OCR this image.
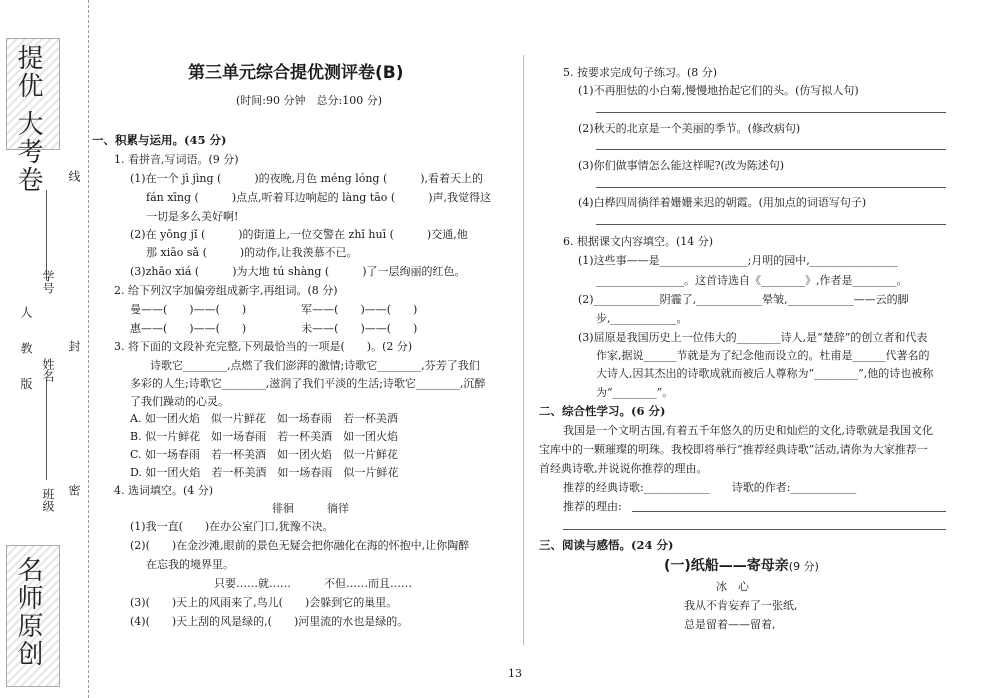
提优 大考卷
人 教 版
班级
姓名
学号
线
封
密
名师原创
第三单元综合提优测评卷(B)
(时间:90 分钟　总分:100 分)
一、积累与运用。(45 分)
1. 看拼音,写词语。(9 分)
(1)在一个 jì jìng (　　　)的夜晚,月色 méng lóng (　　　),看着天上的
fán xīng (　　　)点点,听着耳边响起的 làng tāo (　　　)声,我觉得这
一切是多么美好啊!
(2)在 yōng jǐ (　　　)的街道上,一位交警在 zhǐ huī (　　　)交通,他
那 xiāo sǎ (　　　)的动作,让我羡慕不已。
(3)zhāo xiá (　　　)为大地 tú shàng (　　　)了一层绚丽的红色。
2. 给下列汉字加偏旁组成新字,再组词。(8 分)
曼——(　　)——(　　)　　　　　军——(　　)——(　　)
惠——(　　)——(　　)　　　　　未——(　　)——(　　)
3. 将下面的文段补充完整,下列最恰当的一项是(　　)。(2 分)
诗歌它________,点燃了我们澎湃的激情;诗歌它________,芬芳了我们
多彩的人生;诗歌它________,滋润了我们平淡的生活;诗歌它________,沉醉
了我们躁动的心灵。
A. 如一团火焰　似一片鲜花　如一场春雨　若一杯美酒
B. 似一片鲜花　如一场春雨　若一杯美酒　如一团火焰
C. 如一场春雨　若一杯美酒　如一团火焰　似一片鲜花
D. 如一团火焰　若一杯美酒　如一场春雨　似一片鲜花
4. 选词填空。(4 分)
徘徊　　　徜徉
(1)我一直(　　)在办公室门口,犹豫不决。
(2)(　　)在金沙滩,眼前的景色无疑会把你融化在海的怀抱中,让你陶醉
在忘我的境界里。
只要……就……　　　不但……而且……
(3)(　　)天上的风雨来了,鸟儿(　　)会躲到它的巢里。
(4)(　　)天上刮的风是绿的,(　　)河里流的水也是绿的。
5. 按要求完成句子练习。(8 分)
(1)不再胆怯的小白菊,慢慢地抬起它们的头。(仿写拟人句)
(2)秋天的北京是一个美丽的季节。(修改病句)
(3)你们做事情怎么能这样呢?(改为陈述句)
(4)白桦四周徜徉着姗姗来迟的朝霞。(用加点的词语写句子)
6. 根据课文内容填空。(14 分)
(1)这些事——是________________;月明的园中,________________
________________。这首诗选自《________》,作者是________。
(2)____________阴霾了,____________晕皱,____________——云的脚
步,____________。
(3)屈原是我国历史上一位伟大的________诗人,是“楚辞”的创立者和代表
作家,据说______节就是为了纪念他而设立的。杜甫是______代著名的
大诗人,因其杰出的诗歌成就而被后人尊称为“________”,他的诗也被称
为“________”。
二、综合性学习。(6 分)
我国是一个文明古国,有着五千年悠久的历史和灿烂的文化,诗歌就是我国文化
宝库中的一颗璀璨的明珠。我校即将举行“推荐经典诗歌”活动,请你为大家推荐一
首经典诗歌,并说说你推荐的理由。
推荐的经典诗歌:____________　　诗歌的作者:____________
推荐的理由:
三、阅读与感悟。(24 分)
(一)纸船——寄母亲(9 分)
冰　心
我从不肯妄弃了一张纸,
总是留着——留着,
13
